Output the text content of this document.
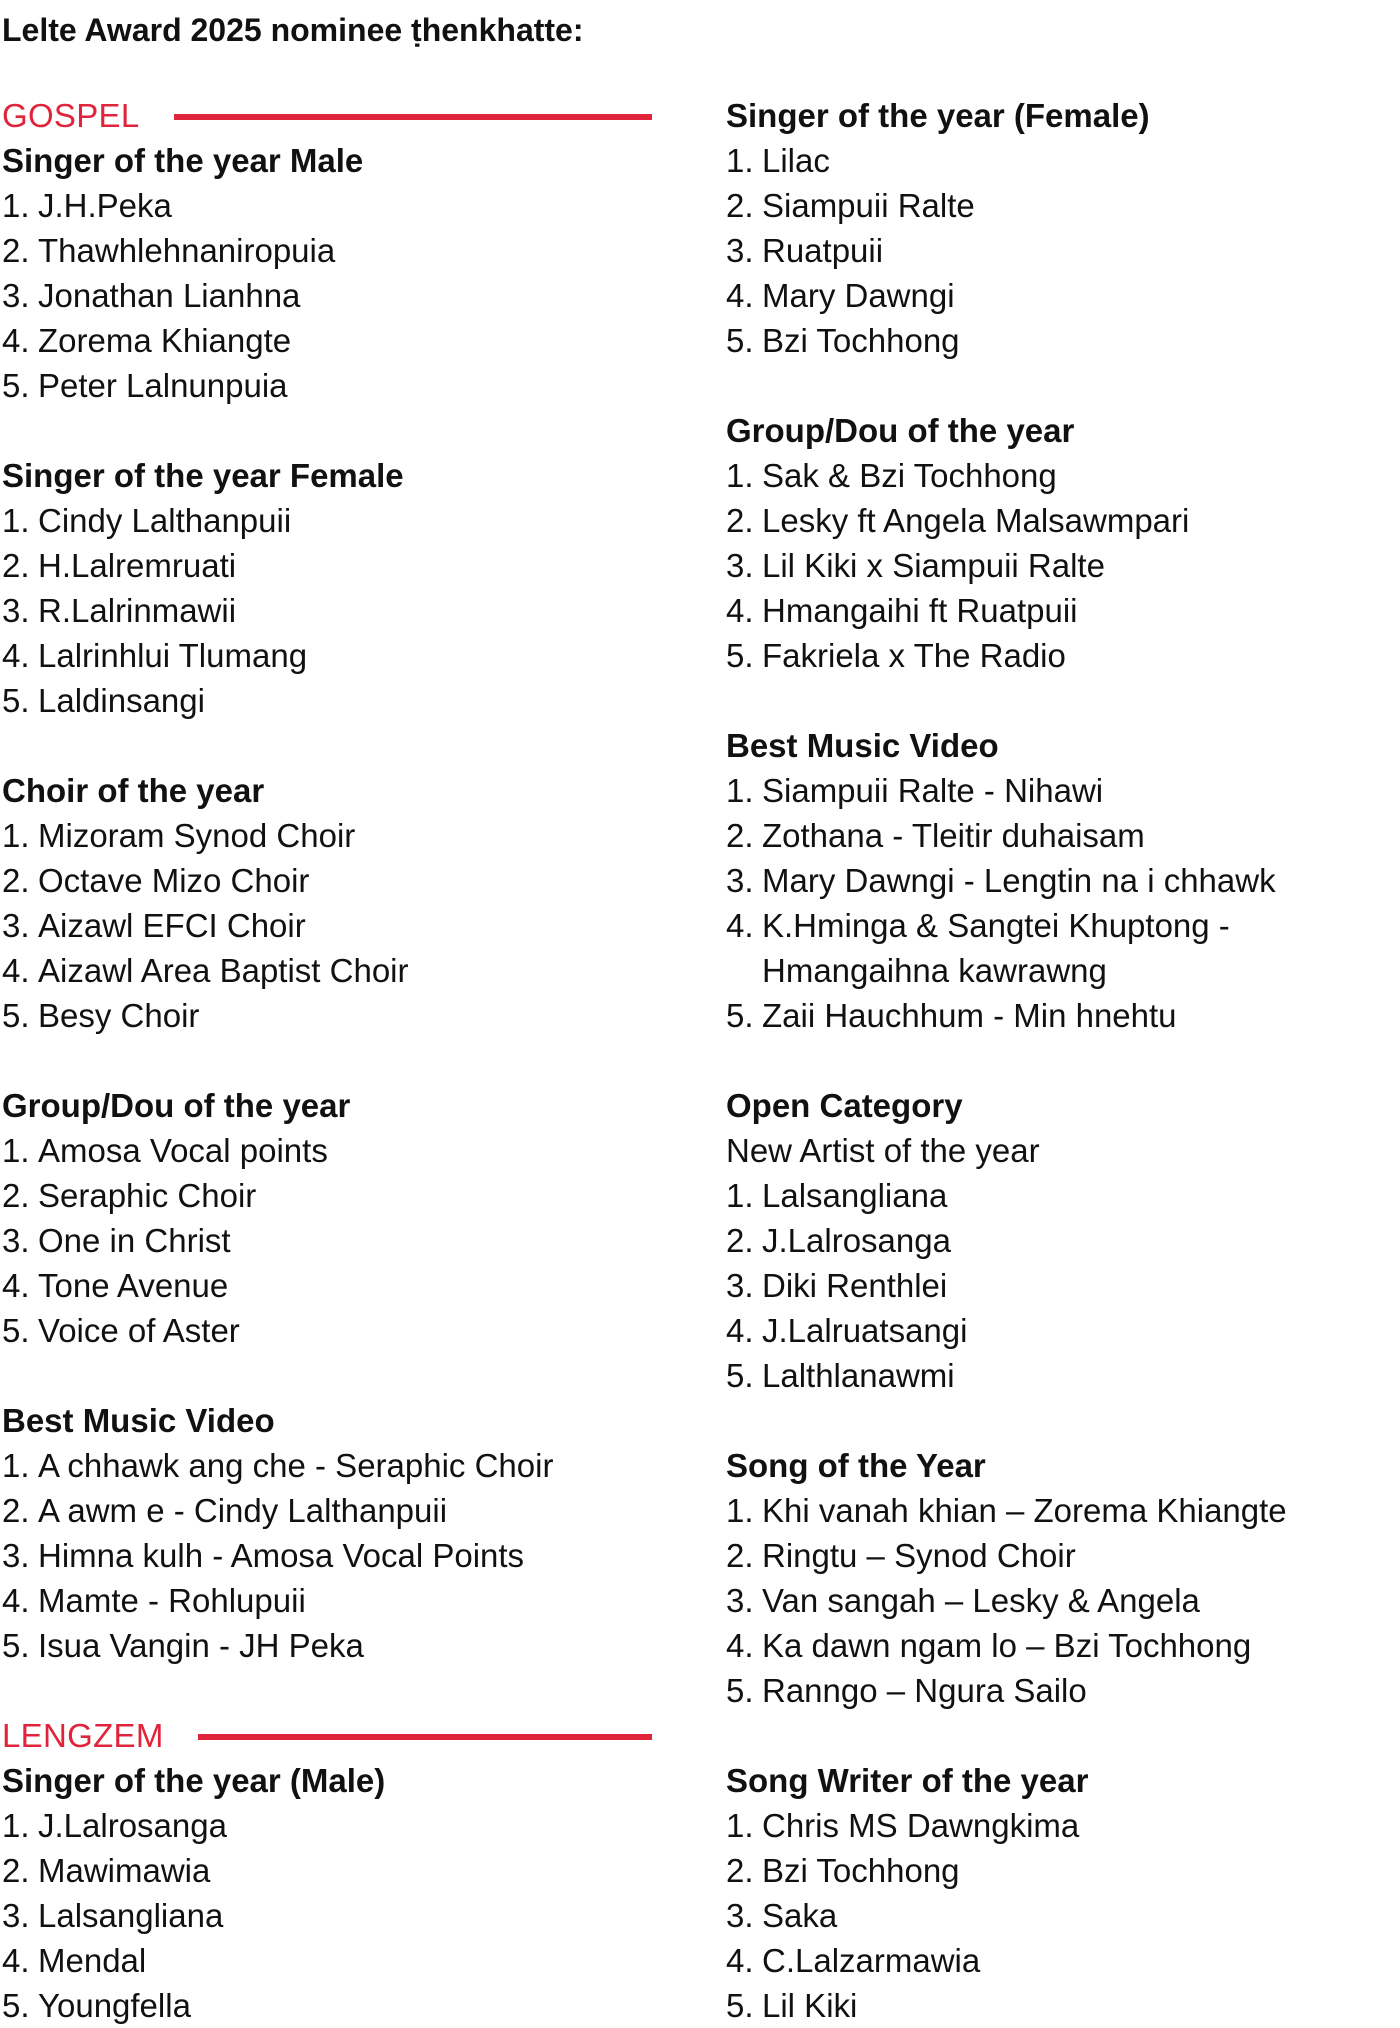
Lelte Award 2025 nominee ṭhenkhatte:
GOSPEL
Singer of the year Male
1. J.H.Peka
2. Thawhlehnaniropuia
3. Jonathan Lianhna
4. Zorema Khiangte
5. Peter Lalnunpuia
Singer of the year Female
1. Cindy Lalthanpuii
2. H.Lalremruati
3. R.Lalrinmawii
4. Lalrinhlui Tlumang
5. Laldinsangi
Choir of the year
1. Mizoram Synod Choir
2. Octave Mizo Choir
3. Aizawl EFCI Choir
4. Aizawl Area Baptist Choir
5. Besy Choir
Group/Dou of the year
1. Amosa Vocal points
2. Seraphic Choir
3. One in Christ
4. Tone Avenue
5. Voice of Aster
Best Music Video
1. A chhawk ang che - Seraphic Choir
2. A awm e - Cindy Lalthanpuii
3. Himna kulh - Amosa Vocal Points
4. Mamte - Rohlupuii
5. Isua Vangin - JH Peka
LENGZEM
Singer of the year (Male)
1. J.Lalrosanga
2. Mawimawia
3. Lalsangliana
4. Mendal
5. Youngfella
Singer of the year (Female)
1. Lilac
2. Siampuii Ralte
3. Ruatpuii
4. Mary Dawngi
5. Bzi Tochhong
Group/Dou of the year
1. Sak & Bzi Tochhong
2. Lesky ft Angela Malsawmpari
3. Lil Kiki x Siampuii Ralte
4. Hmangaihi ft Ruatpuii
5. Fakriela x The Radio
Best Music Video
1. Siampuii Ralte - Nihawi
2. Zothana - Tleitir duhaisam
3. Mary Dawngi - Lengtin na i chhawk
4. K.Hminga & Sangtei Khuptong - Hmangaihna kawrawng
5. Zaii Hauchhum - Min hnehtu
Open Category
New Artist of the year
1. Lalsangliana
2. J.Lalrosanga
3. Diki Renthlei
4. J.Lalruatsangi
5. Lalthlanawmi
Song of the Year
1. Khi vanah khian – Zorema Khiangte
2. Ringtu – Synod Choir
3. Van sangah – Lesky & Angela
4. Ka dawn ngam lo – Bzi Tochhong
5. Ranngo – Ngura Sailo
Song Writer of the year
1. Chris MS Dawngkima
2. Bzi Tochhong
3. Saka
4. C.Lalzarmawia
5. Lil Kiki
